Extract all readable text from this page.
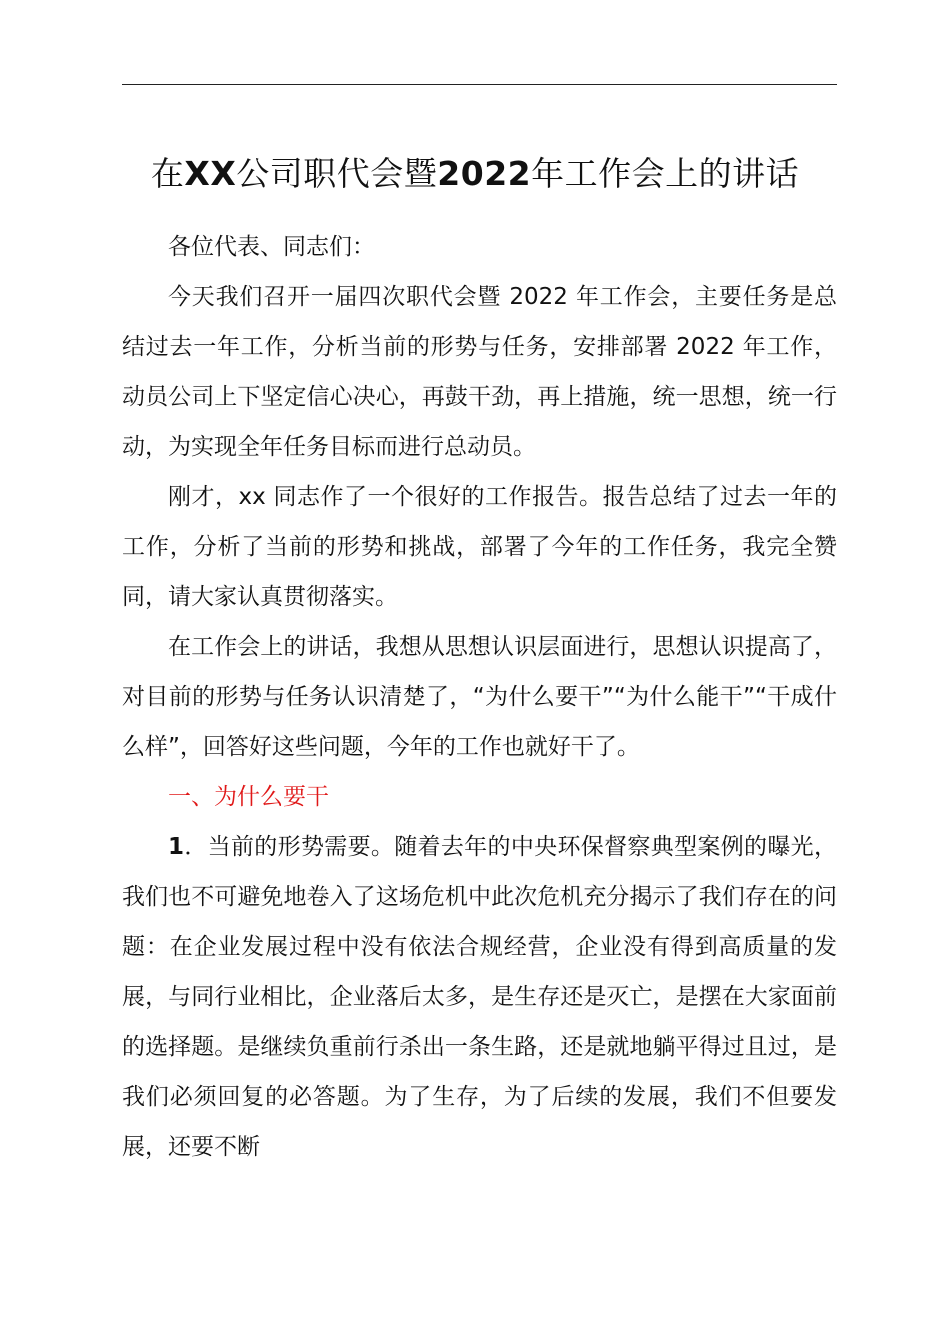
在XX公司职代会暨2022年工作会上的讲话

各位代表、同志们：

今天我们召开一届四次职代会暨 2022 年工作会，主要任务是总结过去一年工作，分析当前的形势与任务，安排部署 2022 年工作，动员公司上下坚定信心决心，再鼓干劲，再上措施，统一思想，统一行动，为实现全年任务目标而进行总动员。

刚才，xx 同志作了一个很好的工作报告。报告总结了过去一年的工作，分析了当前的形势和挑战，部署了今年的工作任务，我完全赞同，请大家认真贯彻落实。

在工作会上的讲话，我想从思想认识层面进行，思想认识提高了，对目前的形势与任务认识清楚了，“为什么要干”“为什么能干”“干成什么样”，回答好这些问题，今年的工作也就好干了。

一、为什么要干

1．当前的形势需要。随着去年的中央环保督察典型案例的曝光，我们也不可避免地卷入了这场危机中此次危机充分揭示了我们存在的问题：在企业发展过程中没有依法合规经营，企业没有得到高质量的发展，与同行业相比，企业落后太多，是生存还是灭亡，是摆在大家面前的选择题。是继续负重前行杀出一条生路，还是就地躺平得过且过，是我们必须回复的必答题。为了生存，为了后续的发展，我们不但要发展，还要不断
